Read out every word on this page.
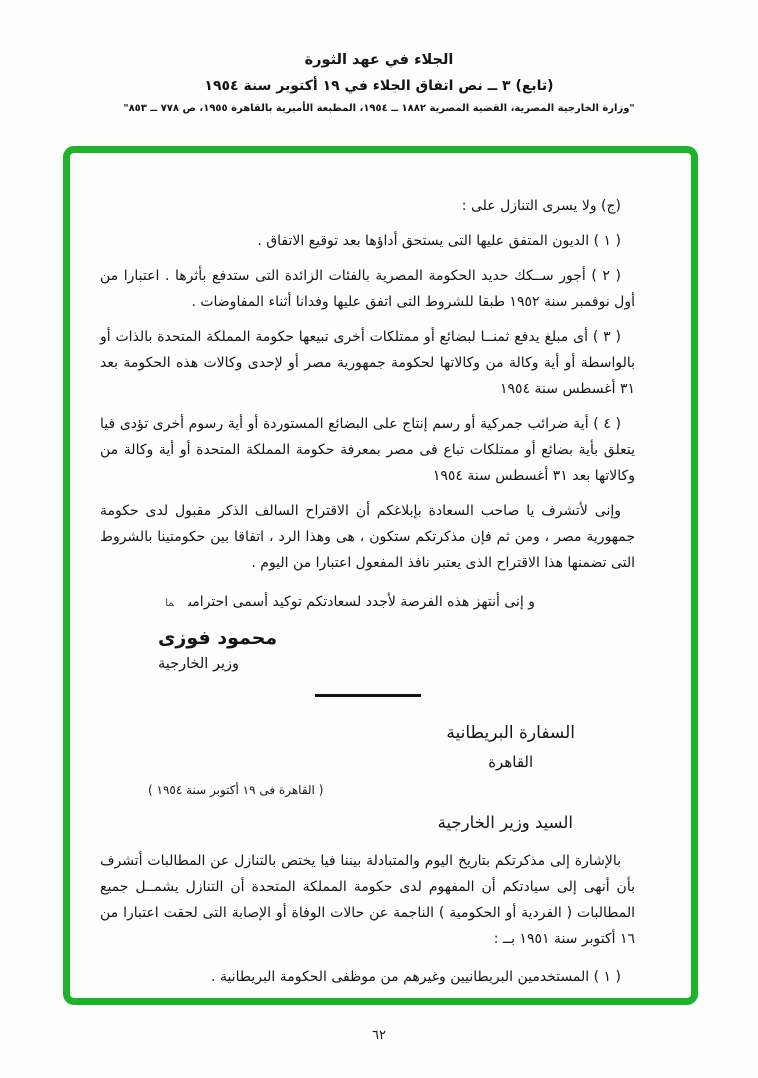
الجلاء في عهد الثورة
(تابع) ٣ ــ نص اتفاق الجلاء في ١٩ أكتوبر سنة ١٩٥٤
"وزارة الخارجية المصرية، القضية المصرية ١٨٨٢ ــ ١٩٥٤، المطبعة الأميرية بالقاهرة ١٩٥٥، ص ٧٧٨ ــ ٨٥٣"

(ج) ولا يسرى التنازل على :

( ١ ) الديون المتفق عليها التى يستحق أداؤها بعد توقيع الاتفاق .

( ٢ ) أجور ســكك حديد الحكومة المصرية بالفئات الزائدة التى ستدفع بأثرها . اعتبارا من أول نوفمبر سنة ١٩٥٢ طبقا للشروط التى اتفق عليها وفدانا أثناء المفاوضات .

( ٣ ) أى مبلغ يدفع ثمنــا لبضائع أو ممتلكات أخرى تبيعها حكومة المملكة المتحدة بالذات أو بالواسطة أو أية وكالة من وكالاتها لحكومة جمهورية مصر أو لإحدى وكالات هذه الحكومة بعد ٣١ أغسطس سنة ١٩٥٤

( ٤ ) أية ضرائب جمركية أو رسم إنتاج على البضائع المستوردة أو أية رسوم أخرى تؤدى فيا يتعلق بأية بضائع أو ممتلكات تباع فى مصر بمعرفة حكومة المملكة المتحدة أو أية وكالة من وكالاتها بعد ٣١ أغسطس سنة ١٩٥٤

وإنى لأتشرف يا صاحب السعادة بإبلاغكم أن الاقتراح السالف الذكر مقبول لدى حكومة جمهورية مصر ، ومن ثم فإن مذكرتكم ستكون ، هى وهذا الرد ، اتفاقا بين حكومتينا بالشروط التى تضمنها هذا الاقتراح الذى يعتبر نافذ المفعول اعتبارا من اليوم .

و إنى أنتهز هذه الفرصة لأجدد لسعادتكم توكيد أسمى احترامىما

محمود فوزى
وزير الخارجية
السفارة البريطانية
القاهرة
( القاهرة فى ١٩ أكتوبر سنة ١٩٥٤ )
السيد وزير الخارجية

بالإشارة إلى مذكرتكم بتاريخ اليوم والمتبادلة بيننا فيا يختص بالتنازل عن المطالبات أتشرف بأن أنهى إلى سيادتكم أن المفهوم لدى حكومة المملكة المتحدة أن التنازل يشمــل جميع المطالبات ( الفردية أو الحكومية ) الناجمة عن حالات الوفاة أو الإصابة التى لحقت اعتبارا من ١٦ أكتوبر سنة ١٩٥١ بــ :

( ١ ) المستخدمين البريطانيين وغيرهم من موظفى الحكومة البريطانية .

٦٢
